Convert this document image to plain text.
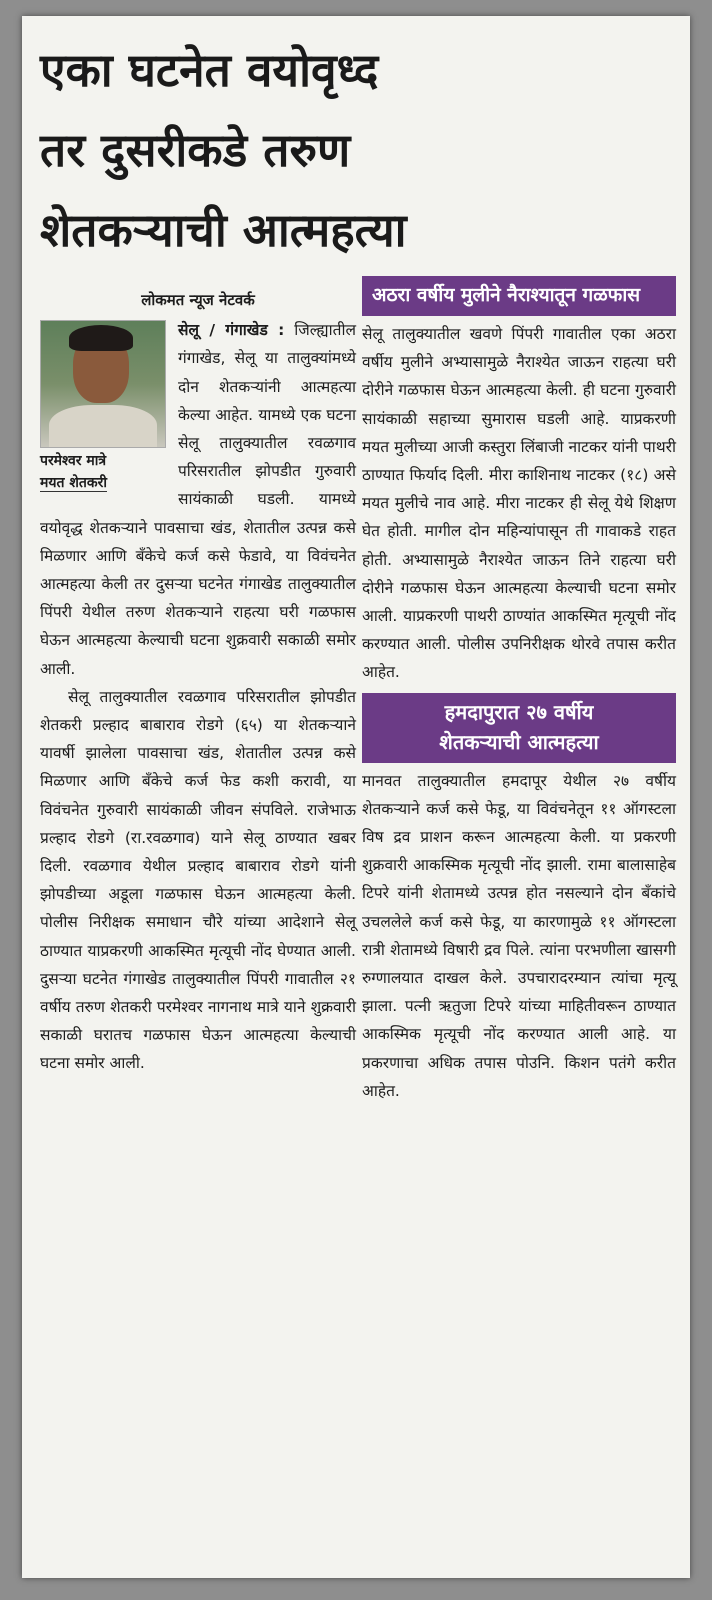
एका घटनेत वयोवृध्द
तर दुसरीकडे तरुण
शेतकऱ्याची आत्महत्या
लोकमत न्यूज नेटवर्क
परमेश्वर मात्रे
मयत शेतकरी

सेलू / गंगाखेड : जिल्ह्यातील गंगाखेड, सेलू या तालुक्यांमध्ये दोन शेतकऱ्यांनी आत्महत्या केल्या आहेत. यामध्ये एक घटना सेलू तालुक्यातील रवळगाव परिसरातील झोपडीत गुरुवारी सायंकाळी घडली. यामध्ये वयोवृद्ध शेतकऱ्याने पावसाचा खंड, शेतातील उत्पन्न कसे मिळणार आणि बँकेचे कर्ज कसे फेडावे, या विवंचनेत आत्महत्या केली तर दुसऱ्या घटनेत गंगाखेड तालुक्यातील पिंपरी येथील तरुण शेतकऱ्याने राहत्या घरी गळफास घेऊन आत्महत्या केल्याची घटना शुक्रवारी सकाळी समोर आली.

सेलू तालुक्यातील रवळगाव परिसरातील झोपडीत शेतकरी प्रल्हाद बाबाराव रोडगे (६५) या शेतकऱ्याने यावर्षी झालेला पावसाचा खंड, शेतातील उत्पन्न कसे मिळणार आणि बँकेचे कर्ज फेड कशी करावी, या विवंचनेत गुरुवारी सायंकाळी जीवन संपविले. राजेभाऊ प्रल्हाद रोडगे (रा.रवळगाव) याने सेलू ठाण्यात खबर दिली. रवळगाव येथील प्रल्हाद बाबाराव रोडगे यांनी झोपडीच्या अडूला गळफास घेऊन आत्महत्या केली. पोलीस निरीक्षक समाधान चौरे यांच्या आदेशाने सेलू ठाण्यात याप्रकरणी आकस्मित मृत्यूची नोंद घेण्यात आली. दुसऱ्या घटनेत गंगाखेड तालुक्यातील पिंपरी गावातील २१ वर्षीय तरुण शेतकरी परमेश्वर नागनाथ मात्रे याने शुक्रवारी सकाळी घरातच गळफास घेऊन आत्महत्या केल्याची घटना समोर आली.

अठरा वर्षीय मुलीने नैराश्यातून गळफास

सेलू तालुक्यातील खवणे पिंपरी गावातील एका अठरा वर्षीय मुलीने अभ्यासामुळे नैराश्येत जाऊन राहत्या घरी दोरीने गळफास घेऊन आत्महत्या केली. ही घटना गुरुवारी सायंकाळी सहाच्या सुमारास घडली आहे. याप्रकरणी मयत मुलीच्या आजी कस्तुरा लिंबाजी नाटकर यांनी पाथरी ठाण्यात फिर्याद दिली. मीरा काशिनाथ नाटकर (१८) असे मयत मुलीचे नाव आहे. मीरा नाटकर ही सेलू येथे शिक्षण घेत होती. मागील दोन महिन्यांपासून ती गावाकडे राहत होती. अभ्यासामुळे नैराश्येत जाऊन तिने राहत्या घरी दोरीने गळफास घेऊन आत्महत्या केल्याची घटना समोर आली. याप्रकरणी पाथरी ठाण्यांत आकस्मित मृत्यूची नोंद करण्यात आली. पोलीस उपनिरीक्षक थोरवे तपास करीत आहेत.

हमदापुरात २७ वर्षीय
शेतकऱ्याची आत्महत्या

मानवत तालुक्यातील हमदापूर येथील २७ वर्षीय शेतकऱ्याने कर्ज कसे फेडू, या विवंचनेतून ११ ऑगस्टला विष द्रव प्राशन करून आत्महत्या केली. या प्रकरणी शुक्रवारी आकस्मिक मृत्यूची नोंद झाली. रामा बालासाहेब टिपरे यांनी शेतामध्ये उत्पन्न होत नसल्याने दोन बँकांचे उचललेले कर्ज कसे फेडू, या कारणामुळे ११ ऑगस्टला रात्री शेतामध्ये विषारी द्रव पिले. त्यांना परभणीला खासगी रुग्णालयात दाखल केले. उपचारादरम्यान त्यांचा मृत्यू झाला. पत्नी ऋतुजा टिपरे यांच्या माहितीवरून ठाण्यात आकस्मिक मृत्यूची नोंद करण्यात आली आहे. या प्रकरणाचा अधिक तपास पोउनि. किशन पतंगे करीत आहेत.
